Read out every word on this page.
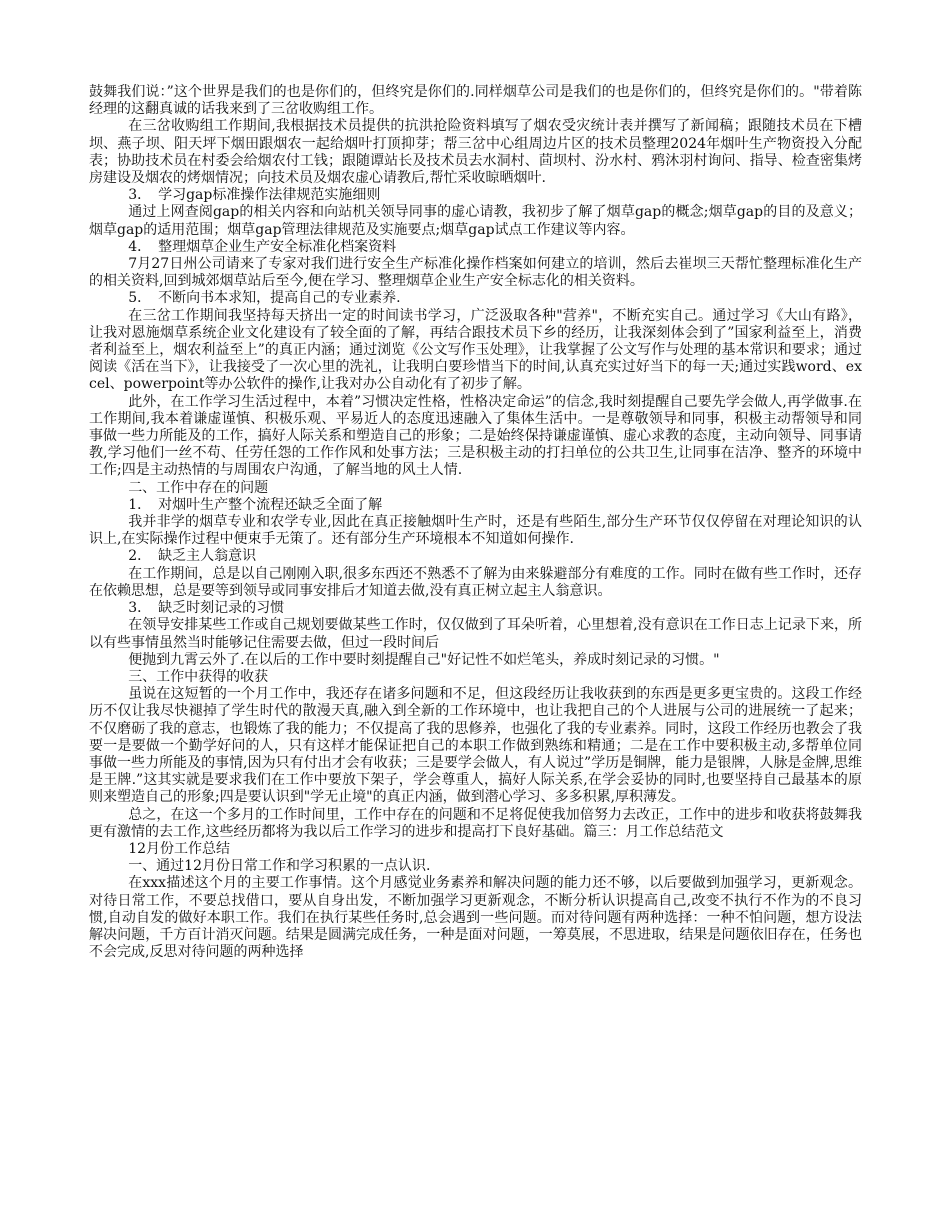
鼓舞我们说：”这个世界是我们的也是你们的，但终究是你们的.同样烟草公司是我们的也是你们的，但终究是你们的。"带着陈经理的这翻真诚的话我来到了三岔收购组工作。

在三岔收购组工作期间,我根据技术员提供的抗洪抢险资料填写了烟农受灾统计表并撰写了新闻稿；跟随技术员在下槽坝、燕子坝、阳天坪下烟田跟烟农一起给烟叶打顶抑芽；帮三岔中心组周边片区的技术员整理2024年烟叶生产物资投入分配表；协助技术员在村委会给烟农付工钱；跟随谭站长及技术员去水洞村、茴坝村、汾水村、鸦沐羽村询问、指导、检查密集烤房建设及烟农的烤烟情况；向技术员及烟农虚心请教后,帮忙采收晾晒烟叶.

3．　学习gap标准操作法律规范实施细则

通过上网查阅gap的相关内容和向站机关领导同事的虚心请教，我初步了解了烟草gap的概念;烟草gap的目的及意义；烟草gap的适用范围；烟草gap管理法律规范及实施要点;烟草gap试点工作建议等内容。

4．　整理烟草企业生产安全标准化档案资料

7月27日州公司请来了专家对我们进行安全生产标准化操作档案如何建立的培训，然后去崔坝三天帮忙整理标准化生产的相关资料,回到城郊烟草站后至今,便在学习、整理烟草企业生产安全标志化的相关资料。

5．　不断向书本求知，提高自己的专业素养.

在三岔工作期间我坚持每天挤出一定的时间读书学习，广泛汲取各种"营养"，不断充实自己。通过学习《大山有路》，让我对恩施烟草系统企业文化建设有了较全面的了解，再结合跟技术员下乡的经历，让我深刻体会到了”国家利益至上，消费者利益至上，烟农利益至上”的真正内涵；通过浏览《公文写作玉处理》，让我掌握了公文写作与处理的基本常识和要求；通过阅读《活在当下》，让我接受了一次心里的洗礼，让我明白要珍惜当下的时间,认真充实过好当下的每一天;通过实践word、excel、powerpoint等办公软件的操作,让我对办公自动化有了初步了解。

此外，在工作学习生活过程中，本着”习惯决定性格，性格决定命运”的信念,我时刻提醒自己要先学会做人,再学做事.在工作期间,我本着谦虚谨慎、积极乐观、平易近人的态度迅速融入了集体生活中。一是尊敬领导和同事，积极主动帮领导和同事做一些力所能及的工作，搞好人际关系和塑造自己的形象；二是始终保持谦虚谨慎、虚心求教的态度，主动向领导、同事请教,学习他们一丝不苟、任劳任怨的工作作风和处事方法；三是积极主动的打扫单位的公共卫生,让同事在洁净、整齐的环境中工作;四是主动热情的与周围农户沟通，了解当地的风土人情.

二、工作中存在的问题

1．　对烟叶生产整个流程还缺乏全面了解

我并非学的烟草专业和农学专业,因此在真正接触烟叶生产时，还是有些陌生,部分生产环节仅仅停留在对理论知识的认识上,在实际操作过程中便束手无策了。还有部分生产环境根本不知道如何操作.

2．　缺乏主人翁意识

在工作期间，总是以自己刚刚入职,很多东西还不熟悉不了解为由来躲避部分有难度的工作。同时在做有些工作时，还存在依赖思想，总是要等到领导或同事安排后才知道去做,没有真正树立起主人翁意识。

3．　缺乏时刻记录的习惯

在领导安排某些工作或自己规划要做某些工作时，仅仅做到了耳朵听着，心里想着,没有意识在工作日志上记录下来，所以有些事情虽然当时能够记住需要去做，但过一段时间后

便抛到九霄云外了.在以后的工作中要时刻提醒自己"好记性不如烂笔头，养成时刻记录的习惯。"

三、工作中获得的收获

虽说在这短暂的一个月工作中，我还存在诸多问题和不足，但这段经历让我收获到的东西是更多更宝贵的。这段工作经历不仅让我尽快褪掉了学生时代的散漫天真,融入到全新的工作环境中，也让我把自己的个人进展与公司的进展统一了起来；不仅磨砺了我的意志，也锻炼了我的能力；不仅提高了我的思修养，也强化了我的专业素养。同时，这段工作经历也教会了我要一是要做一个勤学好问的人，只有这样才能保证把自己的本职工作做到熟练和精通；二是在工作中要积极主动,多帮单位同事做一些力所能及的事情,因为只有付出才会有收获；三是要学会做人，有人说过”学历是铜牌，能力是银牌，人脉是金牌,思维是王牌.”这其实就是要求我们在工作中要放下架子，学会尊重人，搞好人际关系,在学会妥协的同时,也要坚持自己最基本的原则来塑造自己的形象;四是要认识到"学无止境"的真正内涵，做到潜心学习、多多积累,厚积薄发。

总之，在这一个多月的工作时间里，工作中存在的问题和不足将促使我加倍努力去改正，工作中的进步和收获将鼓舞我更有激情的去工作,这些经历都将为我以后工作学习的进步和提高打下良好基础。篇三：月工作总结范文

12月份工作总结

一、通过12月份日常工作和学习积累的一点认识.

在xxx描述这个月的主要工作事情。这个月感觉业务素养和解决问题的能力还不够，以后要做到加强学习，更新观念。对待日常工作，不要总找借口，要从自身出发，不断加强学习更新观念，不断分析认识提高自己,改变不执行不作为的不良习惯,自动自发的做好本职工作。我们在执行某些任务时,总会遇到一些问题。而对待问题有两种选择：一种不怕问题，想方设法解决问题，千方百计消灭问题。结果是圆满完成任务，一种是面对问题，一筹莫展，不思进取，结果是问题依旧存在，任务也不会完成,反思对待问题的两种选择
